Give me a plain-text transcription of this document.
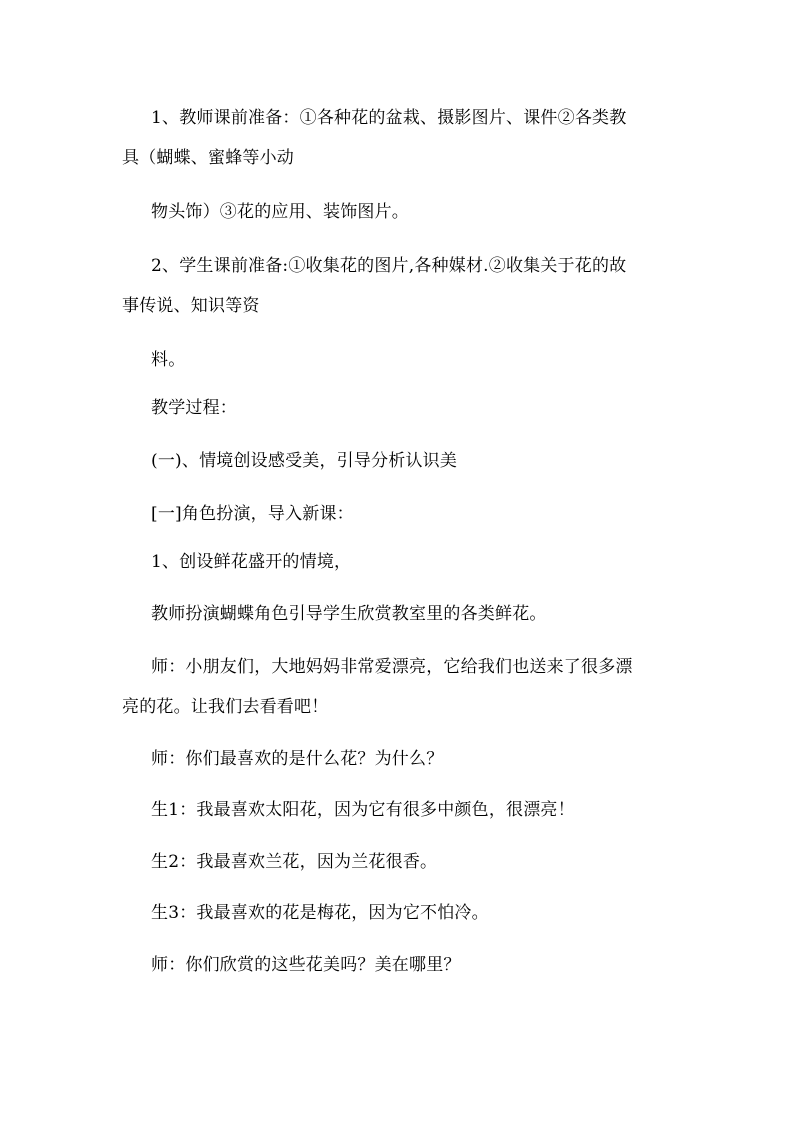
1、教师课前准备：①各种花的盆栽、摄影图片、课件②各类教
具（蝴蝶、蜜蜂等小动
物头饰）③花的应用、装饰图片。
2、学生课前准备:①收集花的图片,各种媒材.②收集关于花的故
事传说、知识等资
料。
教学过程：
(一)、情境创设感受美，引导分析认识美
[一]角色扮演，导入新课：
1、创设鲜花盛开的情境，
教师扮演蝴蝶角色引导学生欣赏教室里的各类鲜花。
师：小朋友们，大地妈妈非常爱漂亮，它给我们也送来了很多漂
亮的花。让我们去看看吧！
师：你们最喜欢的是什么花？为什么？
生1：我最喜欢太阳花，因为它有很多中颜色，很漂亮！
生2：我最喜欢兰花，因为兰花很香。
生3：我最喜欢的花是梅花，因为它不怕冷。
师：你们欣赏的这些花美吗？美在哪里？
